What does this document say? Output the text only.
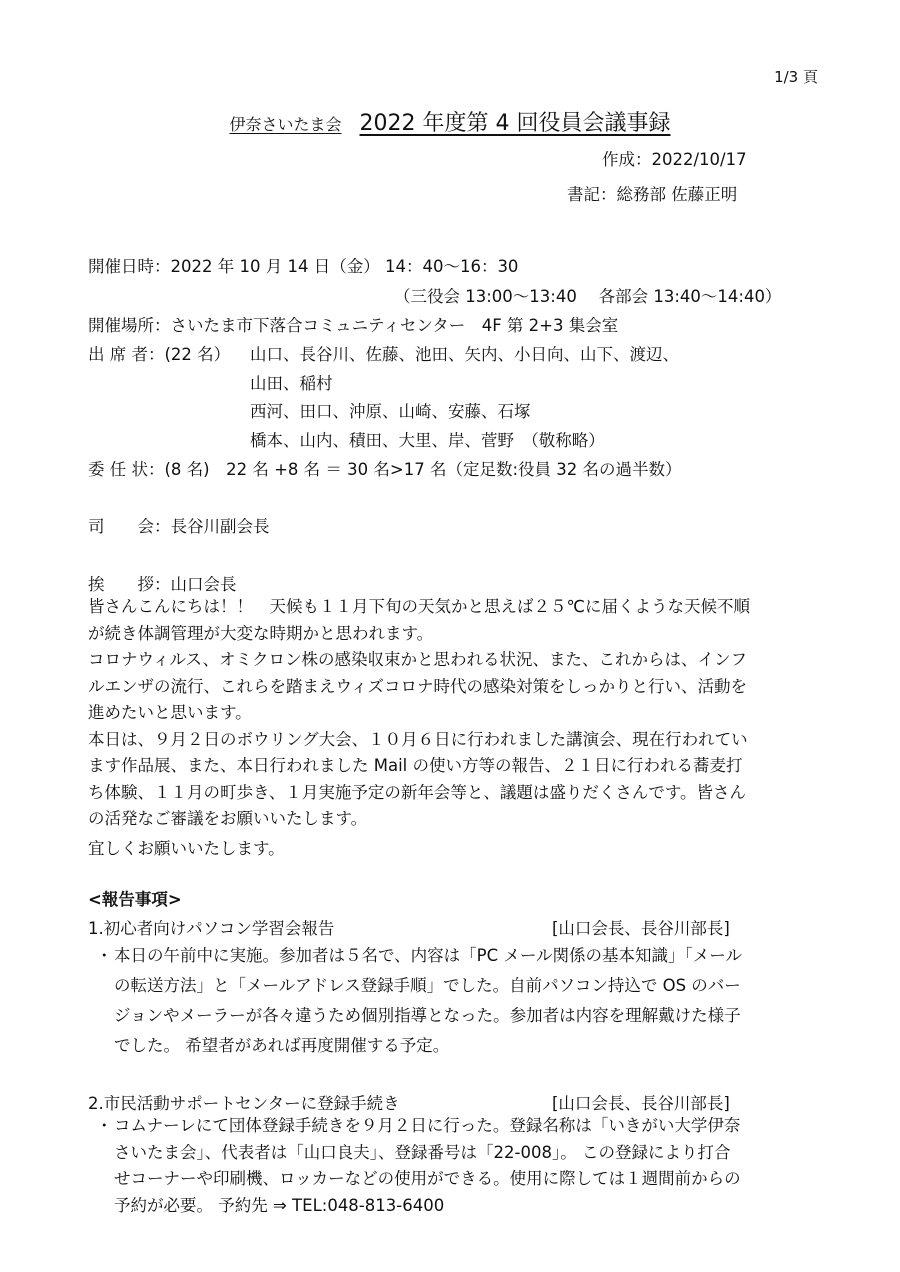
1/3 頁
伊奈さいたま会 2022 年度第 4 回役員会議事録
作成：2022/10/17
書記：総務部 佐藤正明
開催日時：2022 年 10 月 14 日（金） 14：40～16：30
（三役会 13:00～13:40　 各部会 13:40～14:40）
開催場所：さいたま市下落合コミュニティセンター　4F 第 2+3 集会室
出 席 者：(22 名） 山口、長谷川、佐藤、池田、矢内、小日向、山下、渡辺、
山田、稲村
西河、田口、沖原、山崎、安藤、石塚
橋本、山内、積田、大里、岸、菅野　（敬称略）
委 任 状：(8 名)　22 名 +8 名 ＝ 30 名>17 名（定足数:役員 32 名の過半数）
司　　会：長谷川副会長
挨　　拶：山口会長
皆さんこんにちは！！　天候も１１月下旬の天気かと思えば２５℃に届くような天候不順
が続き体調管理が大変な時期かと思われます。
コロナウィルス、オミクロン株の感染収束かと思われる状況、また、これからは、インフ
ルエンザの流行、これらを踏まえウィズコロナ時代の感染対策をしっかりと行い、活動を
進めたいと思います。
本日は、９月２日のボウリング大会、１０月６日に行われました講演会、現在行われてい
ます作品展、また、本日行われました Mail の使い方等の報告、２１日に行われる蕎麦打
ち体験、１１月の町歩き、１月実施予定の新年会等と、議題は盛りだくさんです。皆さん
の活発なご審議をお願いいたします。
宜しくお願いいたします。
<報告事項>
1.初心者向けパソコン学習会報告	[山口会長、長谷川部長]
・本日の午前中に実施。参加者は５名で、内容は「PC メール関係の基本知識」「メール
の転送方法」と「メールアドレス登録手順」でした。自前パソコン持込で OS のバー
ジョンやメーラーが各々違うため個別指導となった。参加者は内容を理解戴けた様子
でした。 希望者があれば再度開催する予定。
2.市民活動サポートセンターに登録手続き	[山口会長、長谷川部長]
・コムナーレにて団体登録手続きを９月２日に行った。登録名称は「いきがい大学伊奈
さいたま会」、代表者は「山口良夫」、登録番号は「22-008」。 この登録により打合
せコーナーや印刷機、ロッカーなどの使用ができる。使用に際しては１週間前からの
予約が必要。 予約先 ⇒ TEL:048-813-6400
